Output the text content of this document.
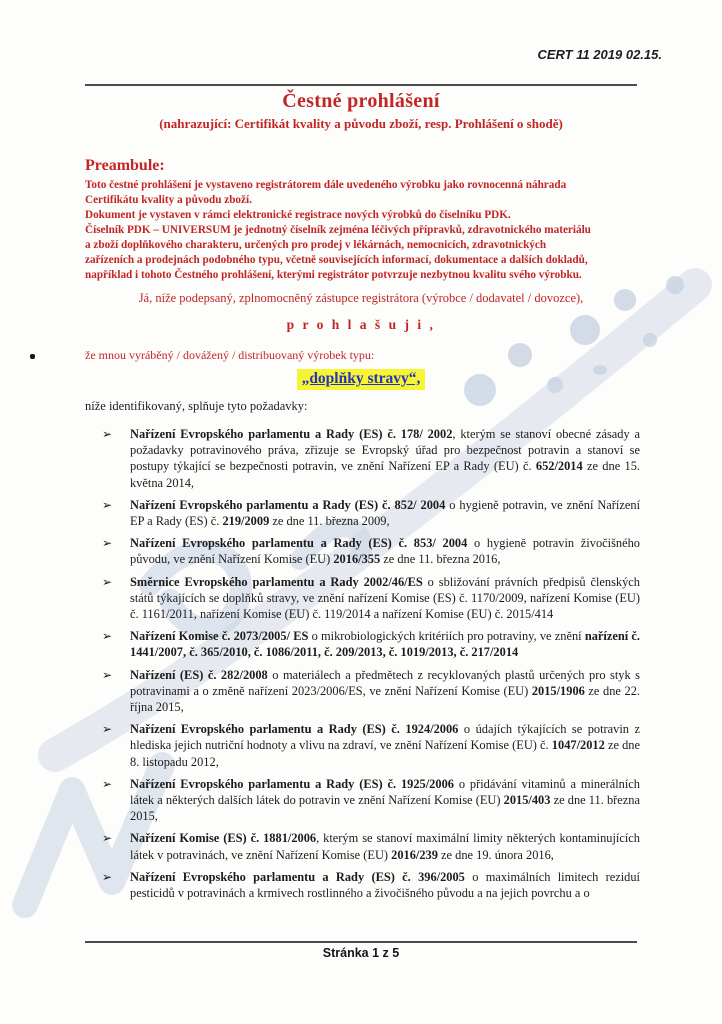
CERT 11 2019 02.15.
Čestné prohlášení
(nahrazující: Certifikát kvality a původu zboží, resp. Prohlášení o shodě)
Preambule:
Toto čestné prohlášení je vystaveno registrátorem dále uvedeného výrobku jako rovnocenná náhrada
Certifikátu kvality a původu zboží.
Dokument je vystaven v rámci elektronické registrace nových výrobků do číselníku PDK.
Číselník PDK – UNIVERSUM je jednotný číselník zejména léčivých přípravků, zdravotnického materiálu
a zboží doplňkového charakteru, určených pro prodej v lékárnách, nemocnicích, zdravotnických
zařízeních a prodejnách podobného typu, včetně souvisejících informací, dokumentace a dalších dokladů,
například i tohoto Čestného prohlášení, kterými registrátor potvrzuje nezbytnou kvalitu svého výrobku.
Já, níže podepsaný, zplnomocněný zástupce registrátora (výrobce / dodavatel / dovozce),
p r o h l a š u j i ,
že mnou vyráběný / dovážený / distribuovaný výrobek typu:
„doplňky stravy“,
níže identifikovaný, splňuje tyto požadavky:
➢ Nařízení Evropského parlamentu a Rady (ES) č. 178/ 2002, kterým se stanoví obecné zásady a požadavky potravinového práva, zřizuje se Evropský úřad pro bezpečnost potravin a stanoví se postupy týkající se bezpečnosti potravin, ve znění Nařízení EP a Rady (EU) č. 652/2014 ze dne 15. května 2014,
➢ Nařízení Evropského parlamentu a Rady (ES) č. 852/ 2004 o hygieně potravin, ve znění Nařízení EP a Rady (ES) č. 219/2009 ze dne 11. března 2009,
➢ Nařízení Evropského parlamentu a Rady (ES) č. 853/ 2004 o hygieně potravin živočišného původu, ve znění Nařízení Komise (EU) 2016/355 ze dne 11. března 2016,
➢ Směrnice Evropského parlamentu a Rady 2002/46/ES o sbližování právních předpisů členských států týkajících se doplňků stravy, ve znění nařízení Komise (ES) č. 1170/2009, nařízení Komise (EU) č. 1161/2011, nařízení Komise (EU) č. 119/2014 a nařízení Komise (EU) č. 2015/414
➢ Nařízení Komise č. 2073/2005/ ES o mikrobiologických kritériích pro potraviny, ve znění nařízení č. 1441/2007, č. 365/2010, č. 1086/2011, č. 209/2013, č. 1019/2013, č. 217/2014
➢ Nařízení (ES) č. 282/2008 o materiálech a předmětech z recyklovaných plastů určených pro styk s potravinami a o změně nařízení 2023/2006/ES, ve znění Nařízení Komise (EU) 2015/1906 ze dne 22. října 2015,
➢ Nařízení Evropského parlamentu a Rady (ES) č. 1924/2006 o údajích týkajících se potravin z hlediska jejich nutriční hodnoty a vlivu na zdraví, ve znění Nařízení Komise (EU) č. 1047/2012 ze dne 8. listopadu 2012,
➢ Nařízení Evropského parlamentu a Rady (ES) č. 1925/2006 o přidávání vitaminů a minerálních látek a některých dalších látek do potravin ve znění Nařízení Komise (EU) 2015/403 ze dne 11. března 2015,
➢ Nařízení Komise (ES) č. 1881/2006, kterým se stanoví maximální limity některých kontaminujících látek v potravinách, ve znění Nařízení Komise (EU) 2016/239 ze dne 19. února 2016,
➢ Nařízení Evropského parlamentu a Rady (ES) č. 396/2005 o maximálních limitech reziduí pesticidů v potravinách a krmivech rostlinného a živočišného původu a na jejich povrchu a o
Stránka 1 z 5
